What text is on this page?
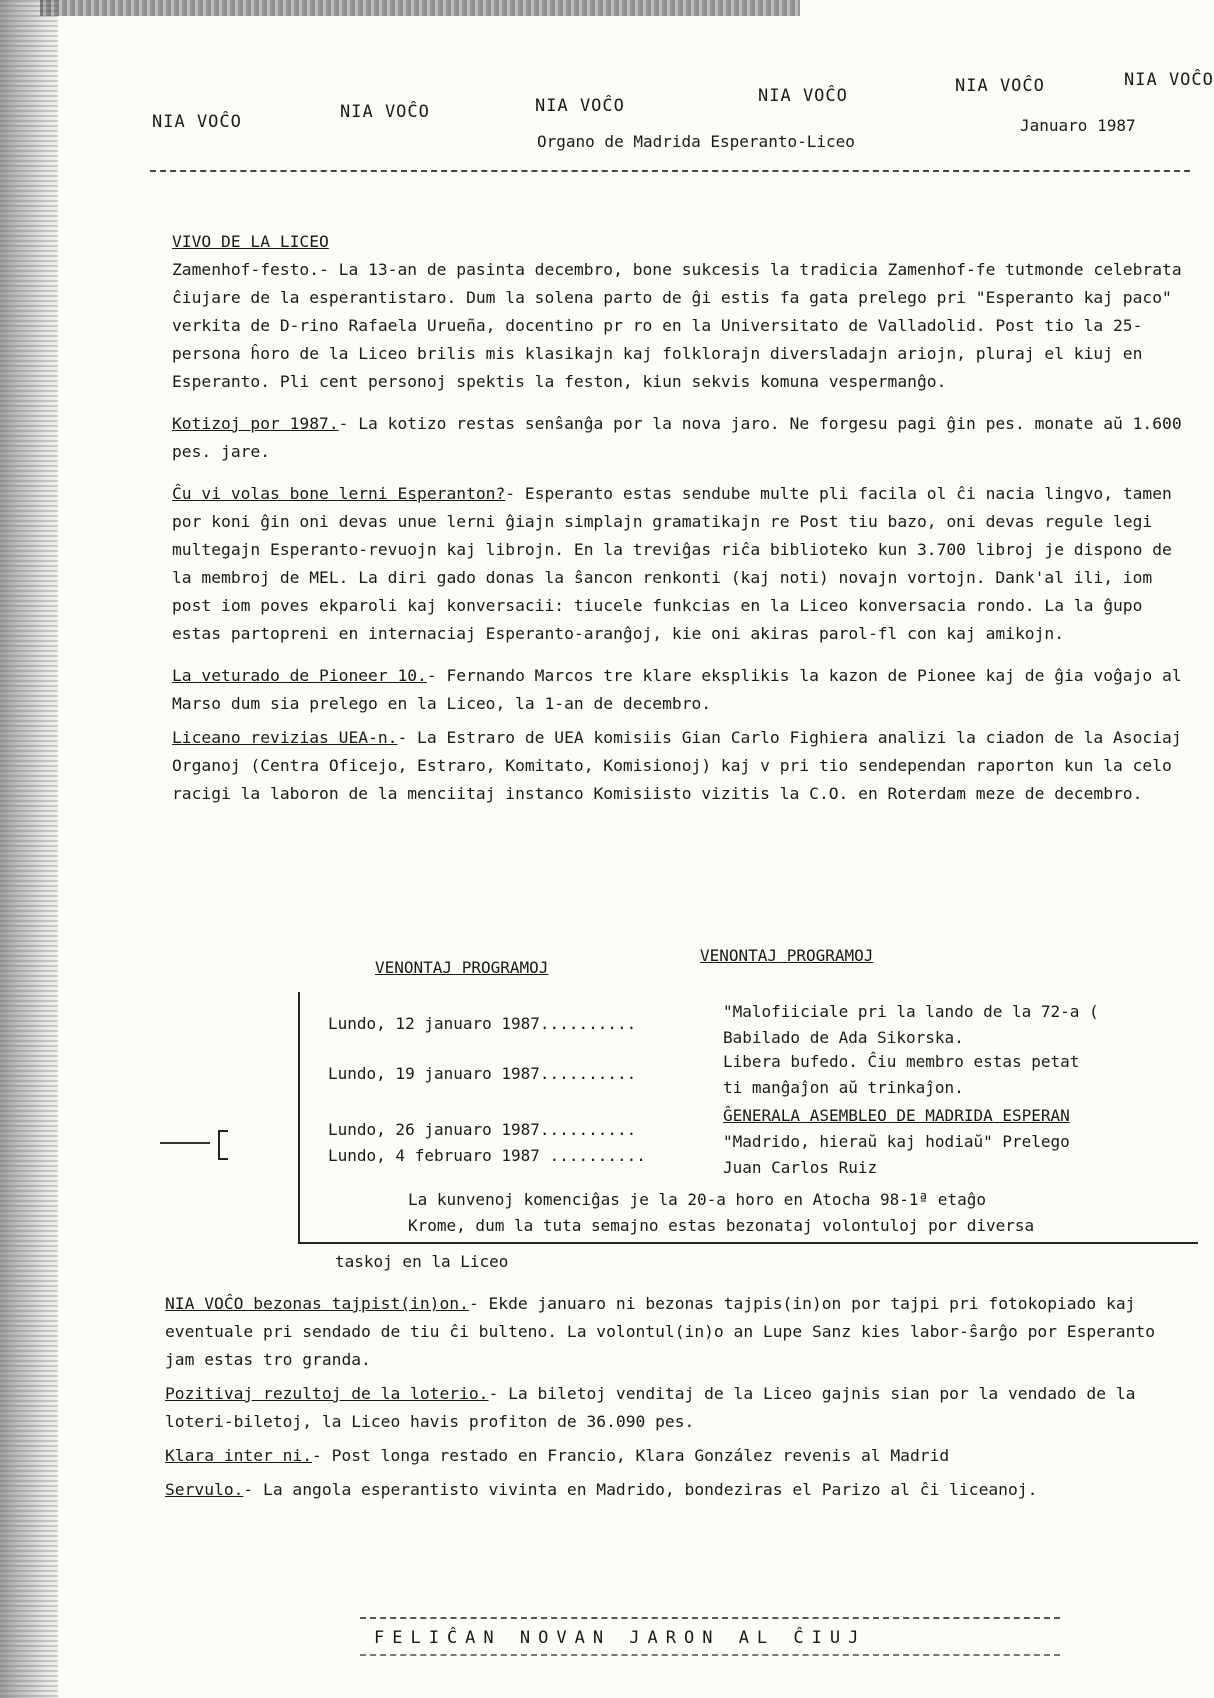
NIA VOĈO	NIA VOĈO	NIA VOĈO	NIA VOĈO	NIA VOĈO	NIA VOĈO
Organo de Madrida Esperanto-Liceo
Januaro 1987

VIVO DE LA LICEO
Zamenhof-festo.- La 13-an de pasinta decembro, bone sukcesis la tradicia Zamenhof-fe tutmonde celebrata ĉiujare de la esperantistaro. Dum la solena parto de ĝi estis fa gata prelego pri "Esperanto kaj paco" verkita de D-rino Rafaela Urueña, docentino pr ro en la Universitato de Valladolid. Post tio la 25-persona ĥoro de la Liceo brilis mis klasikajn kaj folklorajn diversladajn ariojn, pluraj el kiuj en Esperanto. Pli cent personoj spektis la feston, kiun sekvis komuna vespermanĝo.

Kotizoj por 1987.- La kotizo restas senŝanĝa por la nova jaro. Ne forgesu pagi ĝin pes. monate aŭ 1.600 pes. jare.

Ĉu vi volas bone lerni Esperanton?- Esperanto estas sendube multe pli facila ol ĉi nacia lingvo, tamen por koni ĝin oni devas unue lerni ĝiajn simplajn gramatikajn re Post tiu bazo, oni devas regule legi multegajn Esperanto-revuojn kaj librojn. En la treviĝas riĉa biblioteko kun 3.700 libroj je dispono de la membroj de MEL. La diri gado donas la ŝancon renkonti (kaj noti) novajn vortojn. Dank'al ili, iom post iom poves ekparoli kaj konversacii: tiucele funkcias en la Liceo konversacia rondo. La la ĝupo estas partopreni en internaciaj Esperanto-aranĝoj, kie oni akiras parol-fl con kaj amikojn.

La veturado de Pioneer 10.- Fernando Marcos tre klare eksplikis la kazon de Pionee kaj de ĝia voĝajo al Marso dum sia prelego en la Liceo, la 1-an de decembro.

Liceano revizias UEA-n.- La Estraro de UEA komisiis Gian Carlo Fighiera analizi la ciadon de la Asociaj Organoj (Centra Oficejo, Estraro, Komitato, Komisionoj) kaj v pri tio sendependan raporton kun la celo racigi la laboron de la menciitaj instanco Komisiisto vizitis la C.O. en Roterdam meze de decembro.

VENONTAJ PROGRAMOJ
VENONTAJ PROGRAMOJ
Lundo, 12 januaro 1987..........
"Malofiiciale pri la lando de la 72-a (
Babilado de Ada Sikorska.
Lundo, 19 januaro 1987..........
Libera bufedo. Ĉiu membro estas petat
ti manĝaĵon aŭ trinkaĵon.
Lundo, 26 januaro 1987..........
ĜENERALA ASEMBLEO DE MADRIDA ESPERAN
Lundo, 4 februaro 1987 ..........
"Madrido, hieraŭ kaj hodiaŭ" Prelego
Juan Carlos Ruiz
La kunvenoj komenciĝas je la 20-a horo en Atocha 98-1ª etaĝo
Krome, dum la tuta semajno estas bezonataj volontuloj por diversa
taskoj en la Liceo

NIA VOĈO bezonas tajpist(in)on.- Ekde januaro ni bezonas tajpis(in)on por tajpi pri fotokopiado kaj eventuale pri sendado de tiu ĉi bulteno. La volontul(in)o an Lupe Sanz kies labor-ŝarĝo por Esperanto jam estas tro granda.

Pozitivaj rezultoj de la loterio.- La biletoj venditaj de la Liceo gajnis sian por la vendado de la loteri-biletoj, la Liceo havis profiton de 36.090 pes.

Klara inter ni.- Post longa restado en Francio, Klara González revenis al Madrid

Servulo.- La angola esperantisto vivinta en Madrido, bondeziras el Parizo al ĉi liceanoj.

FELIĈAN NOVAN JARON AL ĈIUJ
